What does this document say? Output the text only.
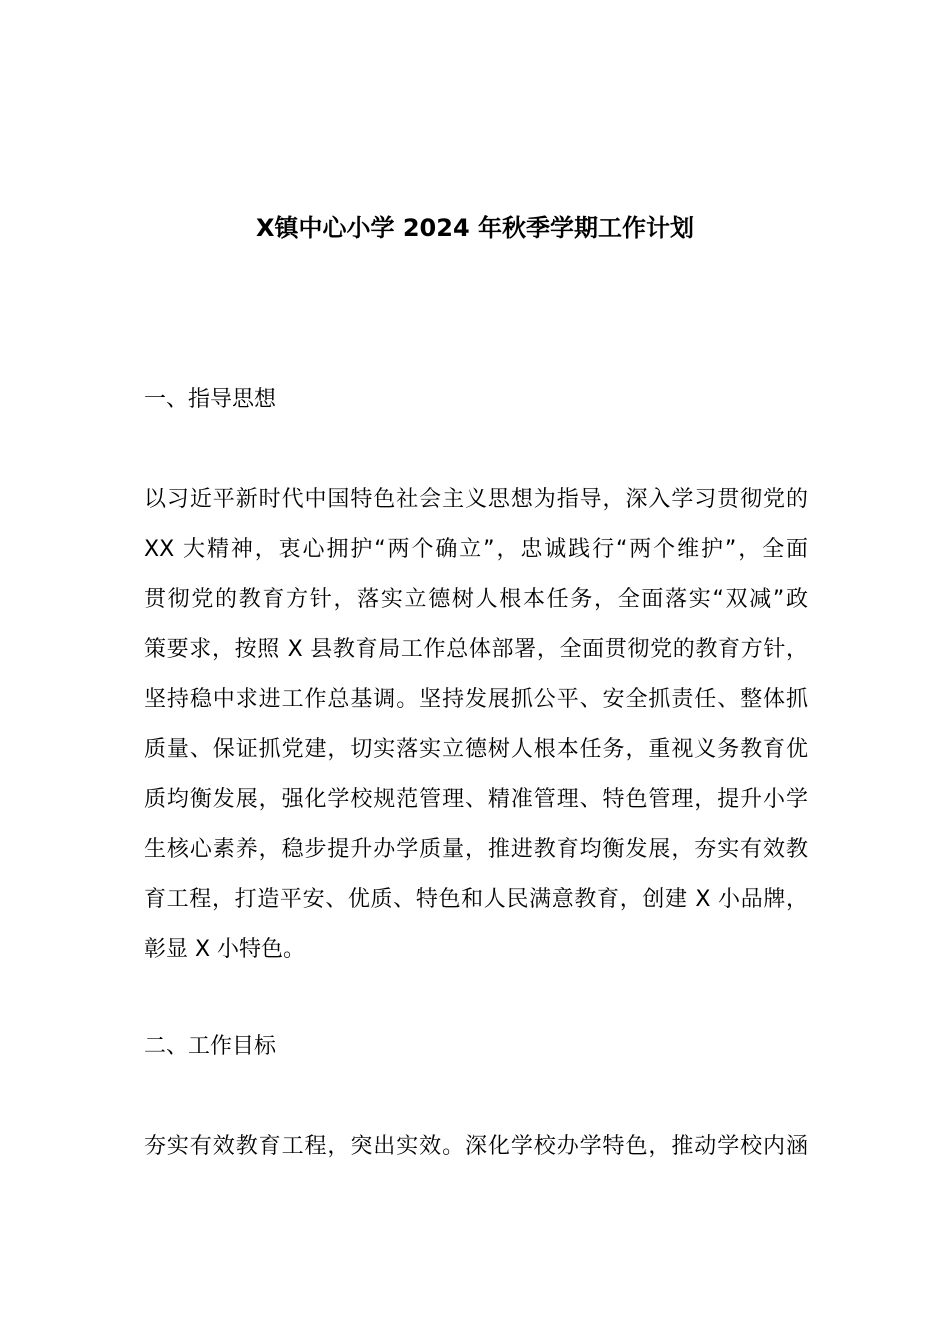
X镇中心小学 2024 年秋季学期工作计划
一、指导思想
以习近平新时代中国特色社会主义思想为指导，深入学习贯彻党的
XX 大精神，衷心拥护“两个确立”，忠诚践行“两个维护”，全面
贯彻党的教育方针，落实立德树人根本任务，全面落实“双减”政
策要求，按照 X 县教育局工作总体部署，全面贯彻党的教育方针，
坚持稳中求进工作总基调。坚持发展抓公平、安全抓责任、整体抓
质量、保证抓党建，切实落实立德树人根本任务，重视义务教育优
质均衡发展，强化学校规范管理、精准管理、特色管理，提升小学
生核心素养，稳步提升办学质量，推进教育均衡发展，夯实有效教
育工程，打造平安、优质、特色和人民满意教育，创建 X 小品牌，
彰显 X 小特色。
二、工作目标
夯实有效教育工程，突出实效。深化学校办学特色，推动学校内涵
